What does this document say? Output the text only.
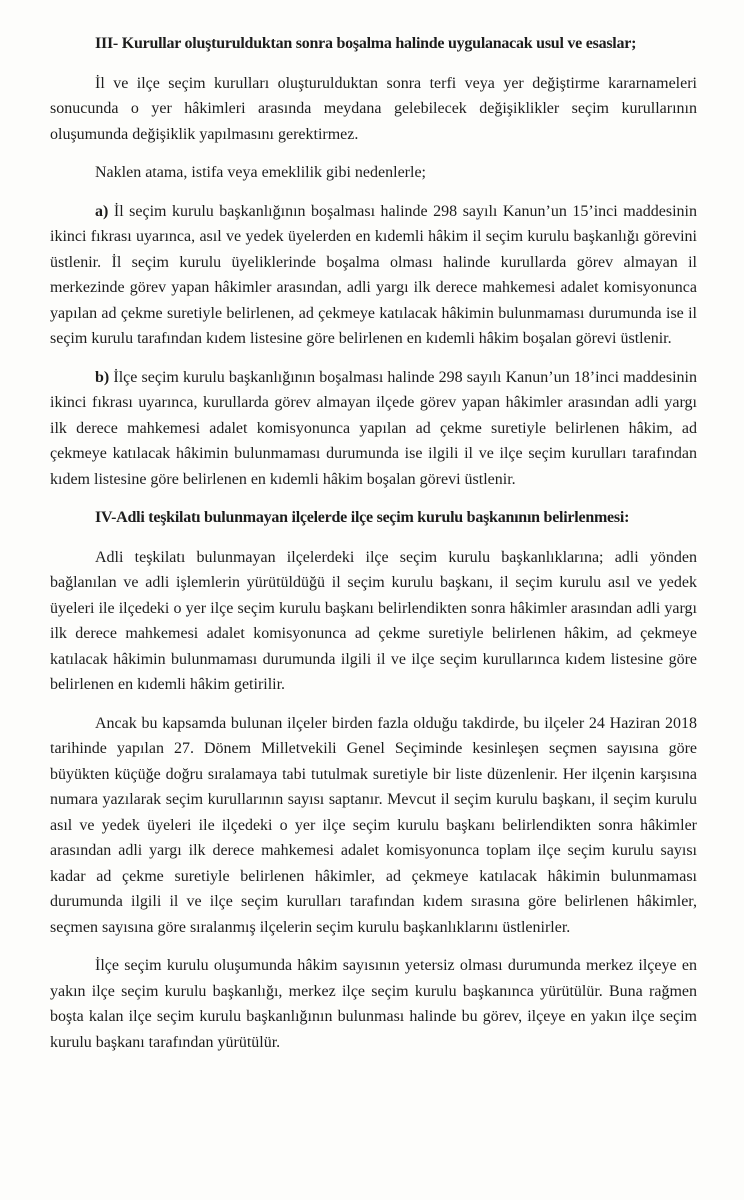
III- Kurullar oluşturulduktan sonra boşalma halinde uygulanacak usul ve esaslar;

İl ve ilçe seçim kurulları oluşturulduktan sonra terfi veya yer değiştirme kararnameleri sonucunda o yer hâkimleri arasında meydana gelebilecek değişiklikler seçim kurullarının oluşumunda değişiklik yapılmasını gerektirmez.

Naklen atama, istifa veya emeklilik gibi nedenlerle;

a) İl seçim kurulu başkanlığının boşalması halinde 298 sayılı Kanun’un 15’inci maddesinin ikinci fıkrası uyarınca, asıl ve yedek üyelerden en kıdemli hâkim il seçim kurulu başkanlığı görevini üstlenir. İl seçim kurulu üyeliklerinde boşalma olması halinde kurullarda görev almayan il merkezinde görev yapan hâkimler arasından, adli yargı ilk derece mahkemesi adalet komisyonunca yapılan ad çekme suretiyle belirlenen, ad çekmeye katılacak hâkimin bulunmaması durumunda ise il seçim kurulu tarafından kıdem listesine göre belirlenen en kıdemli hâkim boşalan görevi üstlenir.

b) İlçe seçim kurulu başkanlığının boşalması halinde 298 sayılı Kanun’un 18’inci maddesinin ikinci fıkrası uyarınca, kurullarda görev almayan ilçede görev yapan hâkimler arasından adli yargı ilk derece mahkemesi adalet komisyonunca yapılan ad çekme suretiyle belirlenen hâkim, ad çekmeye katılacak hâkimin bulunmaması durumunda ise ilgili il ve ilçe seçim kurulları tarafından kıdem listesine göre belirlenen en kıdemli hâkim boşalan görevi üstlenir.

IV-Adli teşkilatı bulunmayan ilçelerde ilçe seçim kurulu başkanının belirlenmesi:

Adli teşkilatı bulunmayan ilçelerdeki ilçe seçim kurulu başkanlıklarına; adli yönden bağlanılan ve adli işlemlerin yürütüldüğü il seçim kurulu başkanı, il seçim kurulu asıl ve yedek üyeleri ile ilçedeki o yer ilçe seçim kurulu başkanı belirlendikten sonra hâkimler arasından adli yargı ilk derece mahkemesi adalet komisyonunca ad çekme suretiyle belirlenen hâkim, ad çekmeye katılacak hâkimin bulunmaması durumunda ilgili il ve ilçe seçim kurullarınca kıdem listesine göre belirlenen en kıdemli hâkim getirilir.

Ancak bu kapsamda bulunan ilçeler birden fazla olduğu takdirde, bu ilçeler 24 Haziran 2018 tarihinde yapılan 27. Dönem Milletvekili Genel Seçiminde kesinleşen seçmen sayısına göre büyükten küçüğe doğru sıralamaya tabi tutulmak suretiyle bir liste düzenlenir. Her ilçenin karşısına numara yazılarak seçim kurullarının sayısı saptanır. Mevcut il seçim kurulu başkanı, il seçim kurulu asıl ve yedek üyeleri ile ilçedeki o yer ilçe seçim kurulu başkanı belirlendikten sonra hâkimler arasından adli yargı ilk derece mahkemesi adalet komisyonunca toplam ilçe seçim kurulu sayısı kadar ad çekme suretiyle belirlenen hâkimler, ad çekmeye katılacak hâkimin bulunmaması durumunda ilgili il ve ilçe seçim kurulları tarafından kıdem sırasına göre belirlenen hâkimler, seçmen sayısına göre sıralanmış ilçelerin seçim kurulu başkanlıklarını üstlenirler.

İlçe seçim kurulu oluşumunda hâkim sayısının yetersiz olması durumunda merkez ilçeye en yakın ilçe seçim kurulu başkanlığı, merkez ilçe seçim kurulu başkanınca yürütülür. Buna rağmen boşta kalan ilçe seçim kurulu başkanlığının bulunması halinde bu görev, ilçeye en yakın ilçe seçim kurulu başkanı tarafından yürütülür.
